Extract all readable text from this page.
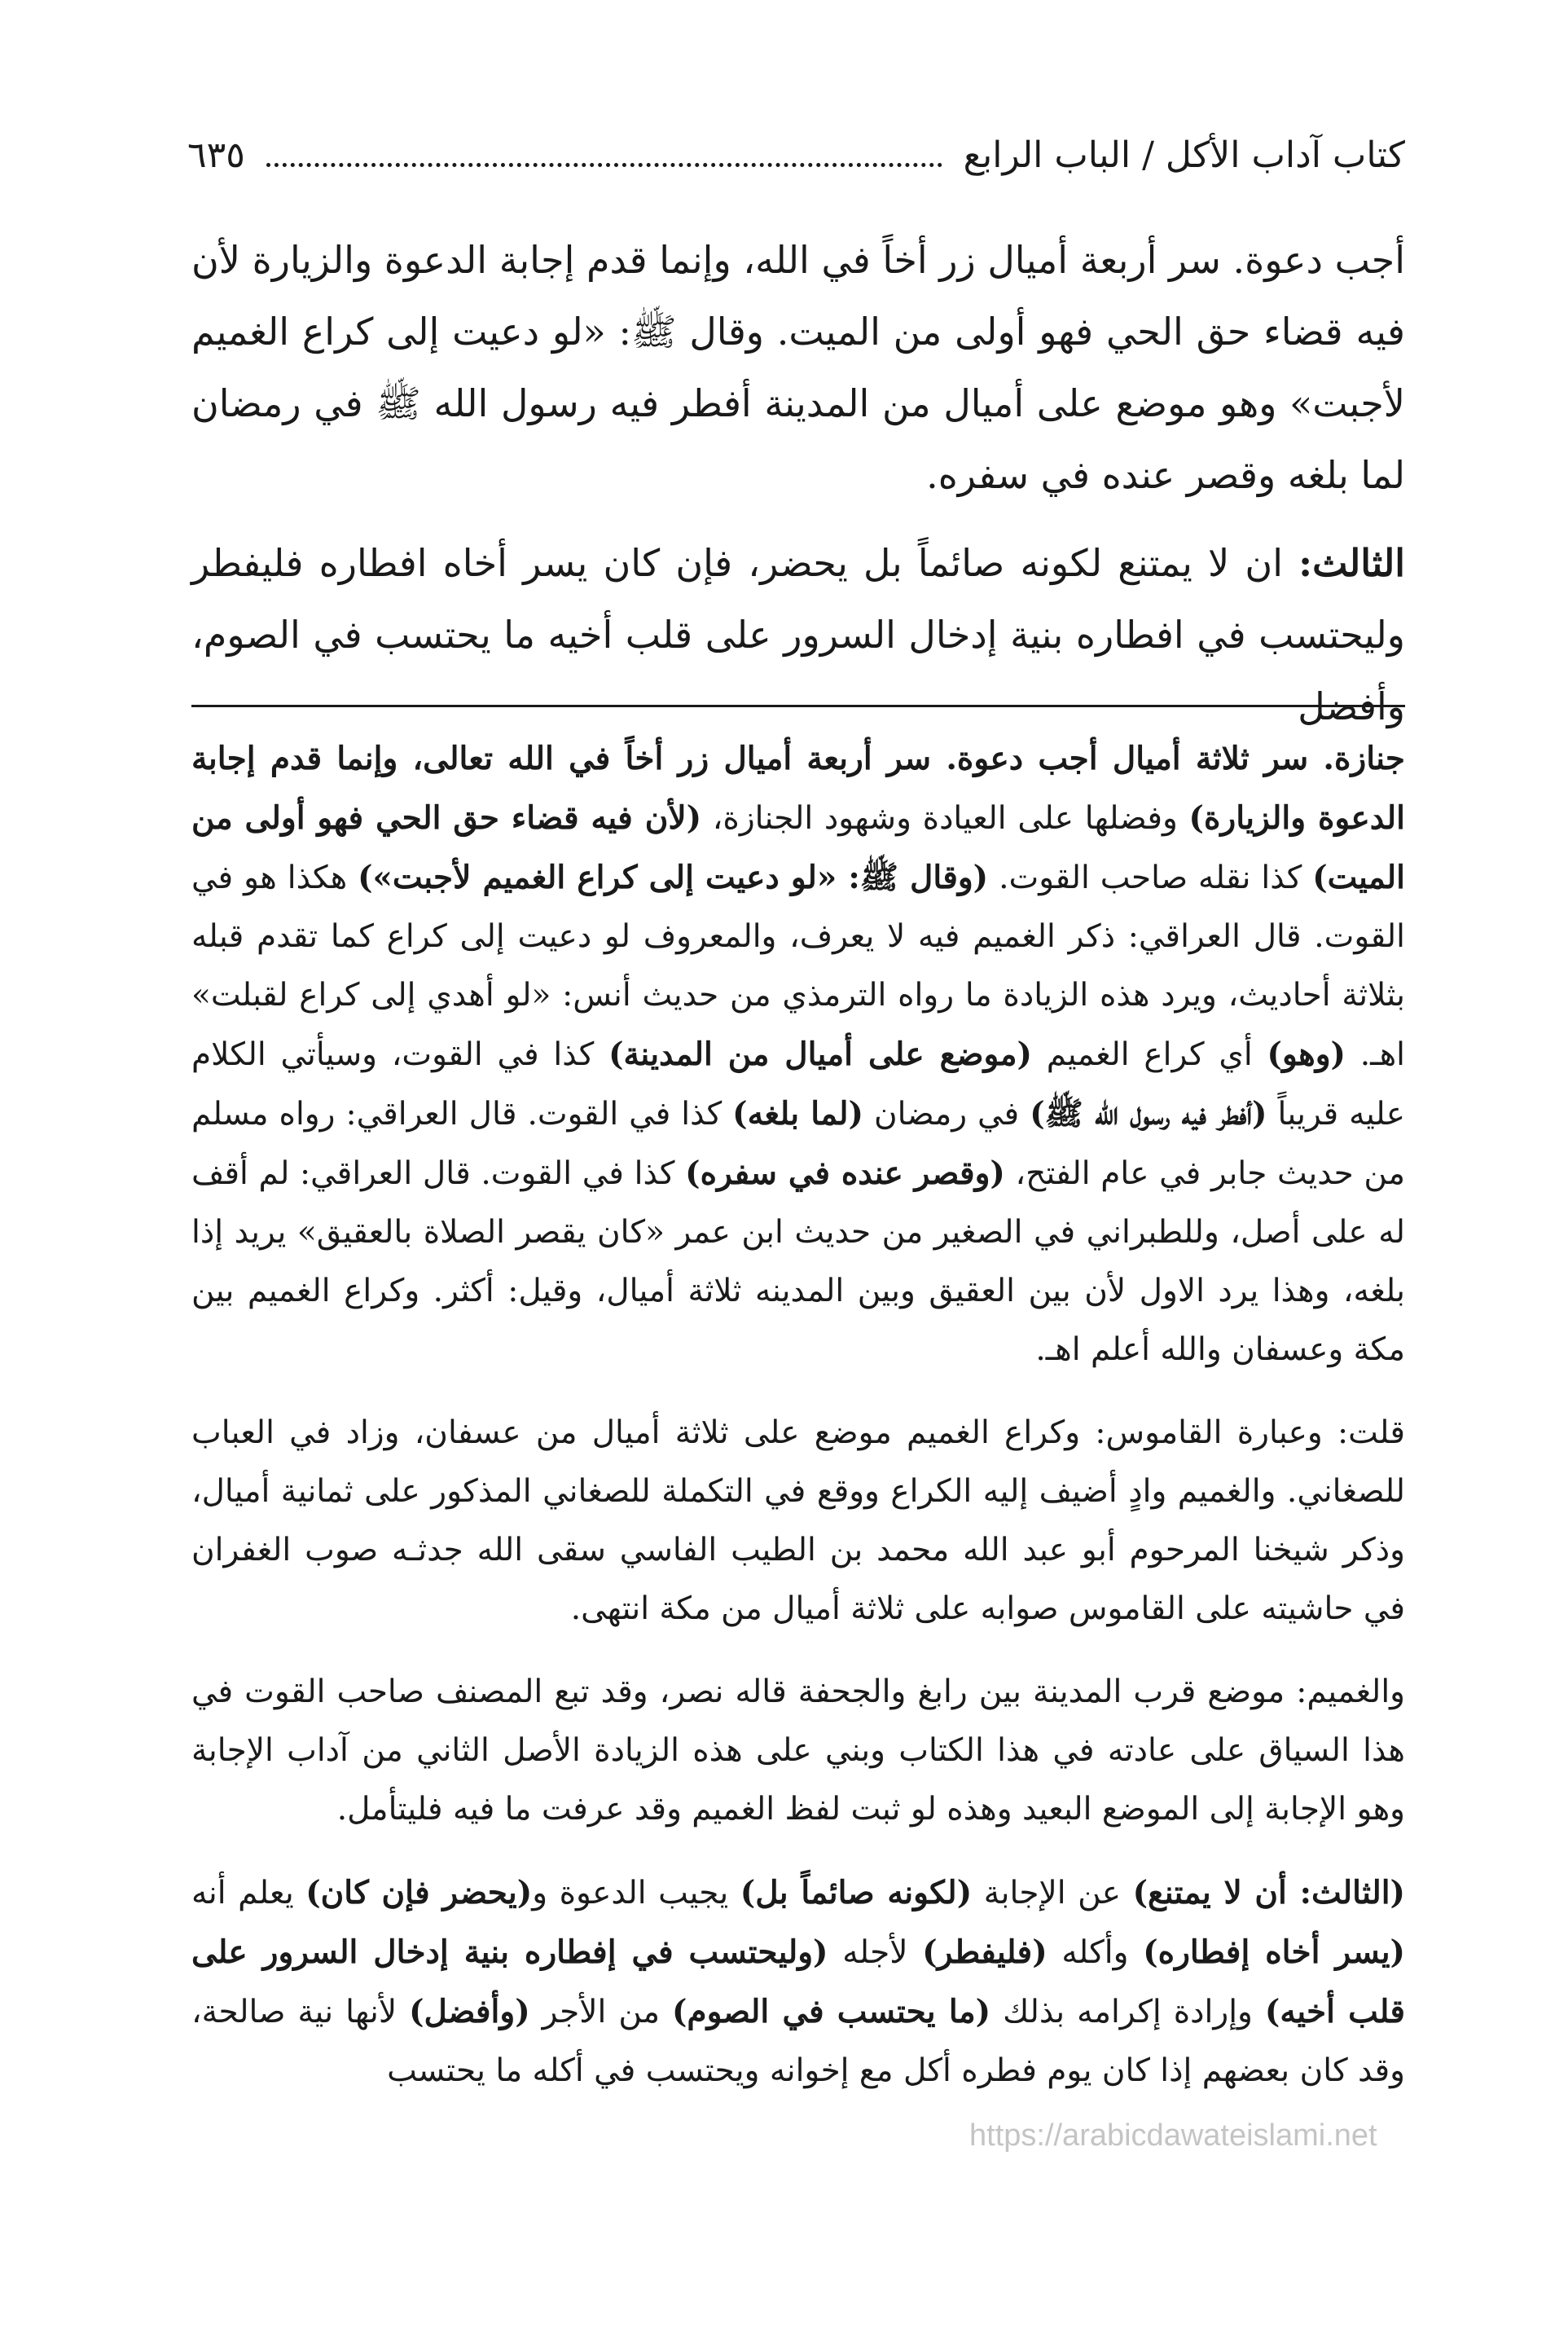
كتاب آداب الأكل / الباب الرابع
٦٣٥

أجب دعوة. سر أربعة أميال زر أخاً في الله، وإنما قدم إجابة الدعوة والزيارة لأن فيه قضاء حق الحي فهو أولى من الميت. وقال ﷺ: «لو دعيت إلى كراع الغميم لأجبت» وهو موضع على أميال من المدينة أفطر فيه رسول الله ﷺ في رمضان لما بلغه وقصر عنده في سفره.

الثالث: ان لا يمتنع لكونه صائماً بل يحضر، فإن كان يسر أخاه افطاره فليفطر وليحتسب في افطاره بنية إدخال السرور على قلب أخيه ما يحتسب في الصوم، وأفضل

جنازة. سر ثلاثة أميال أجب دعوة. سر أربعة أميال زر أخاً في الله تعالى، وإنما قدم إجابة الدعوة والزيارة) وفضلها على العيادة وشهود الجنازة، (لأن فيه قضاء حق الحي فهو أولى من الميت) كذا نقله صاحب القوت. (وقال ﷺ: «لو دعيت إلى كراع الغميم لأجبت») هكذا هو في القوت. قال العراقي: ذكر الغميم فيه لا يعرف، والمعروف لو دعيت إلى كراع كما تقدم قبله بثلاثة أحاديث، ويرد هذه الزيادة ما رواه الترمذي من حديث أنس: «لو أهدي إلى كراع لقبلت» اهـ. (وهو) أي كراع الغميم (موضع على أميال من المدينة) كذا في القوت، وسيأتي الكلام عليه قريباً (أفطر فيه رسول الله ﷺ) في رمضان (لما بلغه) كذا في القوت. قال العراقي: رواه مسلم من حديث جابر في عام الفتح، (وقصر عنده في سفره) كذا في القوت. قال العراقي: لم أقف له على أصل، وللطبراني في الصغير من حديث ابن عمر «كان يقصر الصلاة بالعقيق» يريد إذا بلغه، وهذا يرد الاول لأن بين العقيق وبين المدينه ثلاثة أميال، وقيل: أكثر. وكراع الغميم بين مكة وعسفان والله أعلم اهـ.

قلت: وعبارة القاموس: وكراع الغميم موضع على ثلاثة أميال من عسفان، وزاد في العباب للصغاني. والغميم وادٍ أضيف إليه الكراع ووقع في التكملة للصغاني المذكور على ثمانية أميال، وذكر شيخنا المرحوم أبو عبد الله محمد بن الطيب الفاسي سقى الله جدثـه صوب الغفران في حاشيته على القاموس صوابه على ثلاثة أميال من مكة انتهى.

والغميم: موضع قرب المدينة بين رابغ والجحفة قاله نصر، وقد تبع المصنف صاحب القوت في هذا السياق على عادته في هذا الكتاب وبني على هذه الزيادة الأصل الثاني من آداب الإجابة وهو الإجابة إلى الموضع البعيد وهذه لو ثبت لفظ الغميم وقد عرفت ما فيه فليتأمل.

(الثالث: أن لا يمتنع) عن الإجابة (لكونه صائماً بل) يجيب الدعوة و(يحضر فإن كان) يعلم أنه (يسر أخاه إفطاره) وأكله (فليفطر) لأجله (وليحتسب في إفطاره بنية إدخال السرور على قلب أخيه) وإرادة إكرامه بذلك (ما يحتسب في الصوم) من الأجر (وأفضل) لأنها نية صالحة، وقد كان بعضهم إذا كان يوم فطره أكل مع إخوانه ويحتسب في أكله ما يحتسب

https://arabicdawateislami.net
